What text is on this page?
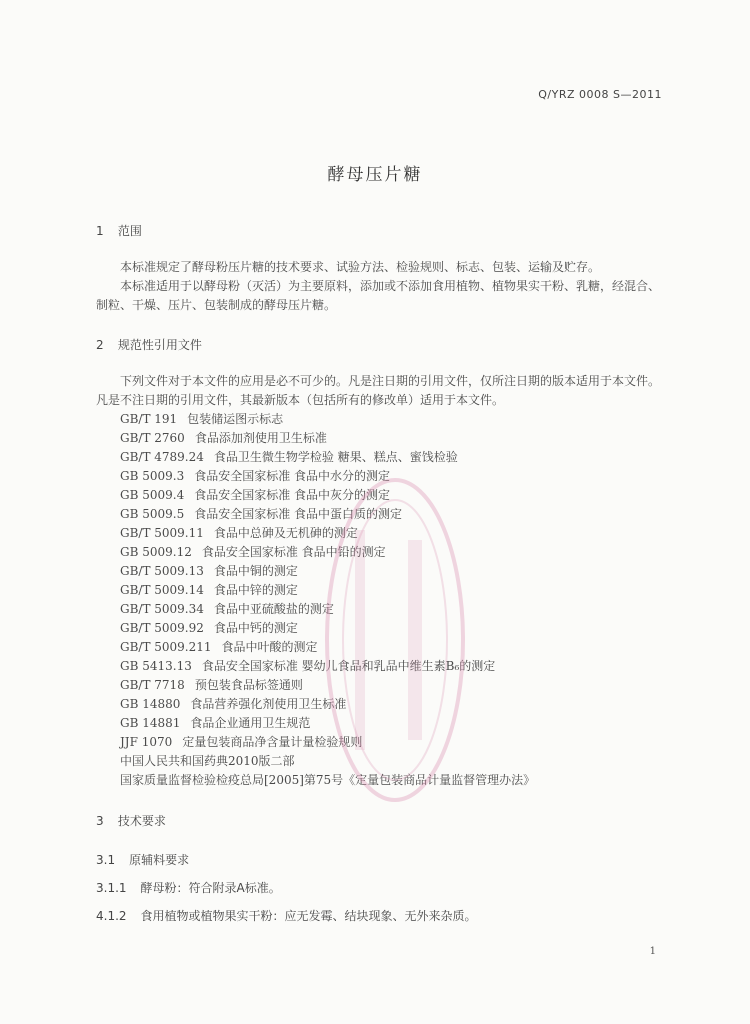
Q/YRZ 0008 S—2011
酵母压片糖
1 范围

本标准规定了酵母粉压片糖的技术要求、试验方法、检验规则、标志、包装、运输及贮存。

本标准适用于以酵母粉（灭活）为主要原料，添加或不添加食用植物、植物果实干粉、乳糖，经混合、制粒、干燥、压片、包装制成的酵母压片糖。

2 规范性引用文件

下列文件对于本文件的应用是必不可少的。凡是注日期的引用文件，仅所注日期的版本适用于本文件。凡是不注日期的引用文件，其最新版本（包括所有的修改单）适用于本文件。

GB/T 191 包装储运图示标志
GB/T 2760 食品添加剂使用卫生标准
GB/T 4789.24 食品卫生微生物学检验 糖果、糕点、蜜饯检验
GB 5009.3 食品安全国家标准 食品中水分的测定
GB 5009.4 食品安全国家标准 食品中灰分的测定
GB 5009.5 食品安全国家标准 食品中蛋白质的测定
GB/T 5009.11 食品中总砷及无机砷的测定
GB 5009.12 食品安全国家标准 食品中铅的测定
GB/T 5009.13 食品中铜的测定
GB/T 5009.14 食品中锌的测定
GB/T 5009.34 食品中亚硫酸盐的测定
GB/T 5009.92 食品中钙的测定
GB/T 5009.211 食品中叶酸的测定
GB 5413.13 食品安全国家标准 婴幼儿食品和乳品中维生素B₆的测定
GB/T 7718 预包装食品标签通则
GB 14880 食品营养强化剂使用卫生标准
GB 14881 食品企业通用卫生规范
JJF 1070 定量包装商品净含量计量检验规则
中国人民共和国药典2010版二部
国家质量监督检验检疫总局[2005]第75号《定量包装商品计量监督管理办法》
3 技术要求
3.1 原辅料要求
3.1.1 酵母粉：符合附录A标准。
4.1.2 食用植物或植物果实干粉：应无发霉、结块现象、无外来杂质。
1
